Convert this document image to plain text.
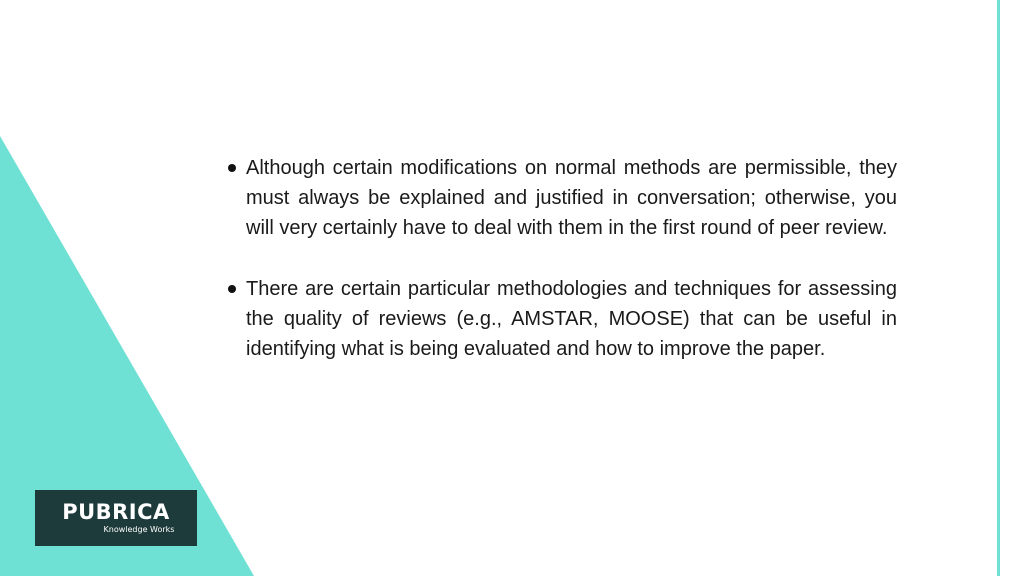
Although certain modifications on normal methods are permissible, they must always be explained and justified in conversation; otherwise, you will very certainly have to deal with them in the first round of peer review.

There are certain particular methodologies and techniques for assessing the quality of reviews (e.g., AMSTAR, MOOSE) that can be useful in identifying what is being evaluated and how to improve the paper.

PUBRICA
Knowledge Works
